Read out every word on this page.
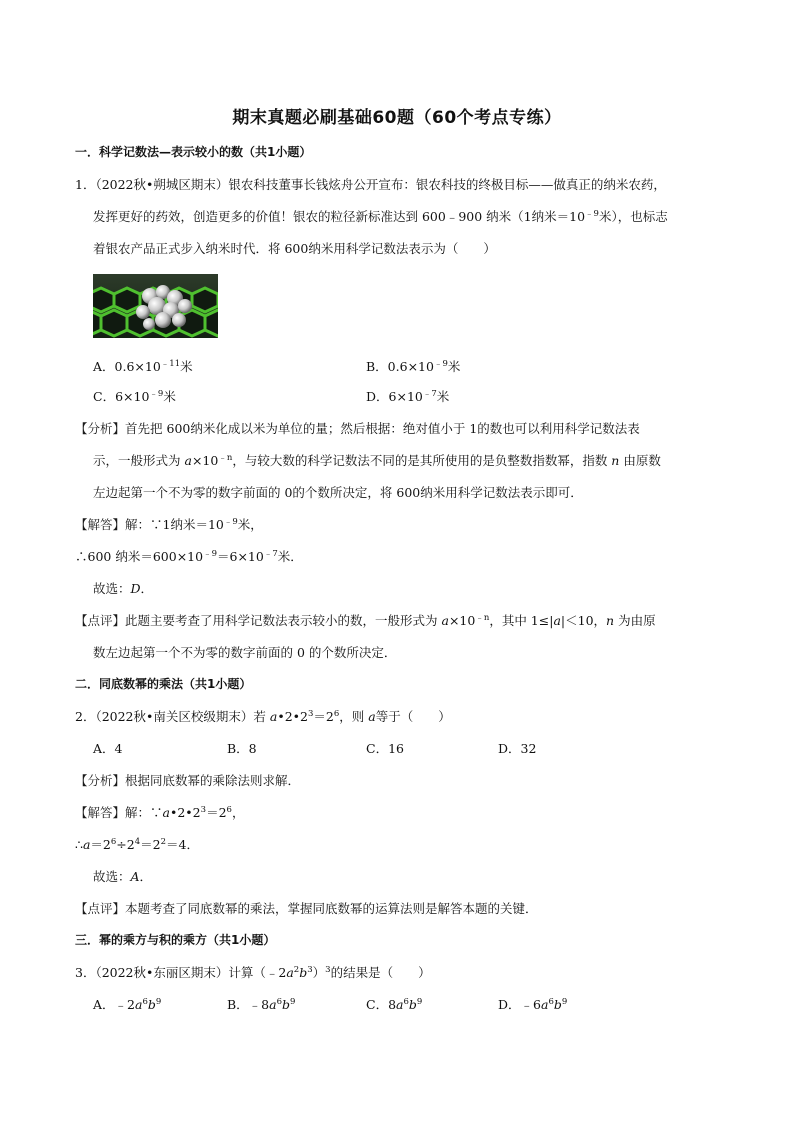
期末真题必刷基础60题（60个考点专练）
一．科学记数法—表示较小的数（共1小题）
1．（2022秋•朔城区期末）银农科技董事长钱炫舟公开宣布：银农科技的终极目标——做真正的纳米农药，
发挥更好的药效，创造更多的价值！银农的粒径新标准达到 600﹣900 纳米（1纳米$=10^{﹣9}$米），也标志
着银农产品正式步入纳米时代．将 600纳米用科学记数法表示为（　　）
A．$0.6\times 10^{﹣11}$米	B．$0.6\times 10^{﹣9}$米
C．$6\times 10^{﹣9}$米	D．$6\times 10^{﹣7}$米
【分析】首先把 600纳米化成以米为单位的量；然后根据：绝对值小于 1的数也可以利用科学记数法表
示，一般形式为 $a\times 10^{﹣n}$，与较大数的科学记数法不同的是其所使用的是负整数指数幂，指数 n 由原数
左边起第一个不为零的数字前面的 0的个数所决定，将 600纳米用科学记数法表示即可．
【解答】解：∵1纳米$=10^{﹣9}$米，
∴600 纳米$=600\times 10^{﹣9}=6\times 10^{﹣7}$米．
故选：D．
【点评】此题主要考查了用科学记数法表示较小的数，一般形式为 $a\times 10^{﹣n}$，其中 1≤|a|＜10，n 为由原
数左边起第一个不为零的数字前面的 0 的个数所决定．
二．同底数幂的乘法（共1小题）
2．（2022秋•南关区校级期末）若 $a•2•2^3=2^6$，则 a等于（　　）
A．4	B．8	C．16	D．32
【分析】根据同底数幂的乘除法则求解．
【解答】解：$\because a•2•2^3=2^6$，
$\therefore a=2^6\div 2^4=2^2=4$．
故选：A．
【点评】本题考查了同底数幂的乘法，掌握同底数幂的运算法则是解答本题的关键．
三．幂的乘方与积的乘方（共1小题）
3．（2022秋•东丽区期末）计算$(﹣2a^2b^3)^3$的结果是（　　）
A．$﹣2a^6b^9$	B．$﹣8a^6b^9$	C．$8a^6b^9$	D．$﹣6a^6b^9$
